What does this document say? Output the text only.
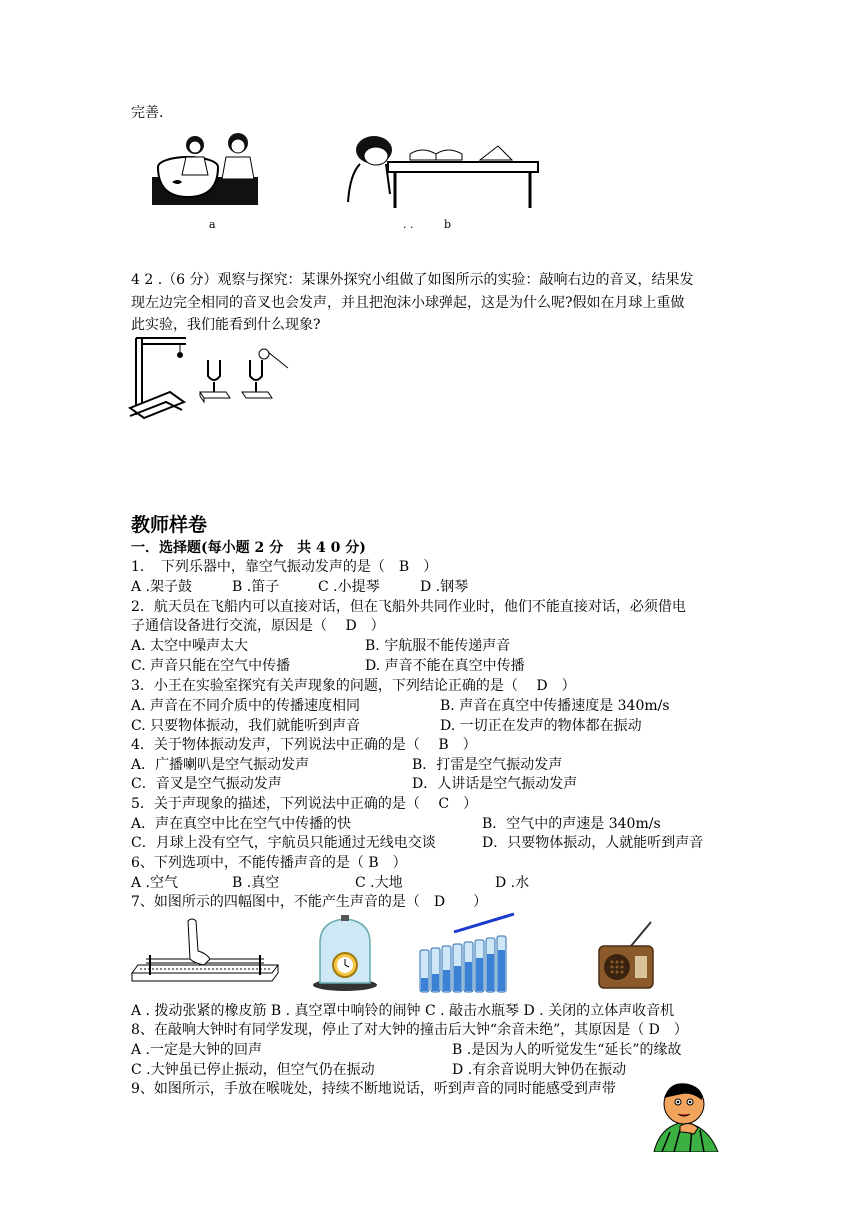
完善.
a	. .	b
4 2 .（6 分）观察与探究：某课外探究小组做了如图所示的实验：敲响右边的音叉，结果发
现左边完全相同的音叉也会发声，并且把泡沫小球弹起，这是为什么呢?假如在月球上重做
此实验，我们能看到什么现象?
教师样卷
一．选择题(每小题 2 分　共 4 0 分)
1．　下列乐器中，靠空气振动发声的是（　B　）
A .架子鼓	B .笛子	C .小提琴	D .钢琴
2．航天员在飞船内可以直接对话，但在飞船外共同作业时，他们不能直接对话，必须借电
子通信设备进行交流，原因是（　 D　）
A. 太空中噪声太大	B. 宇航服不能传递声音
C. 声音只能在空气中传播	D. 声音不能在真空中传播
3．小王在实验室探究有关声现象的问题，下列结论正确的是（　 D　）
A. 声音在不同介质中的传播速度相同	B. 声音在真空中传播速度是 340m/s
C. 只要物体振动，我们就能听到声音	D. 一切正在发声的物体都在振动
4．关于物体振动发声，下列说法中正确的是（　 B　）
A．广播喇叭是空气振动发声	B．打雷是空气振动发声
C．音叉是空气振动发声	D．人讲话是空气振动发声
5．关于声现象的描述，下列说法中正确的是（　 C　）
A．声在真空中比在空气中传播的快	B．空气中的声速是 340m/s
C．月球上没有空气，宇航员只能通过无线电交谈	D．只要物体振动，人就能听到声音
6、下列选项中，不能传播声音的是（ B　）
A .空气	B .真空	C .大地	D .水
7、如图所示的四幅图中，不能产生声音的是（　D　　）
A . 拨动张紧的橡皮筋 B . 真空罩中响铃的闹钟 C . 敲击水瓶琴 D . 关闭的立体声收音机
8、在敲响大钟时有同学发现，停止了对大钟的撞击后大钟“余音未绝”，其原因是（ D　）
A .一定是大钟的回声	B .是因为人的听觉发生“延长”的缘故
C .大钟虽已停止振动，但空气仍在振动	D .有余音说明大钟仍在振动
9、如图所示，手放在喉咙处，持续不断地说话，听到声音的同时能感受到声带
